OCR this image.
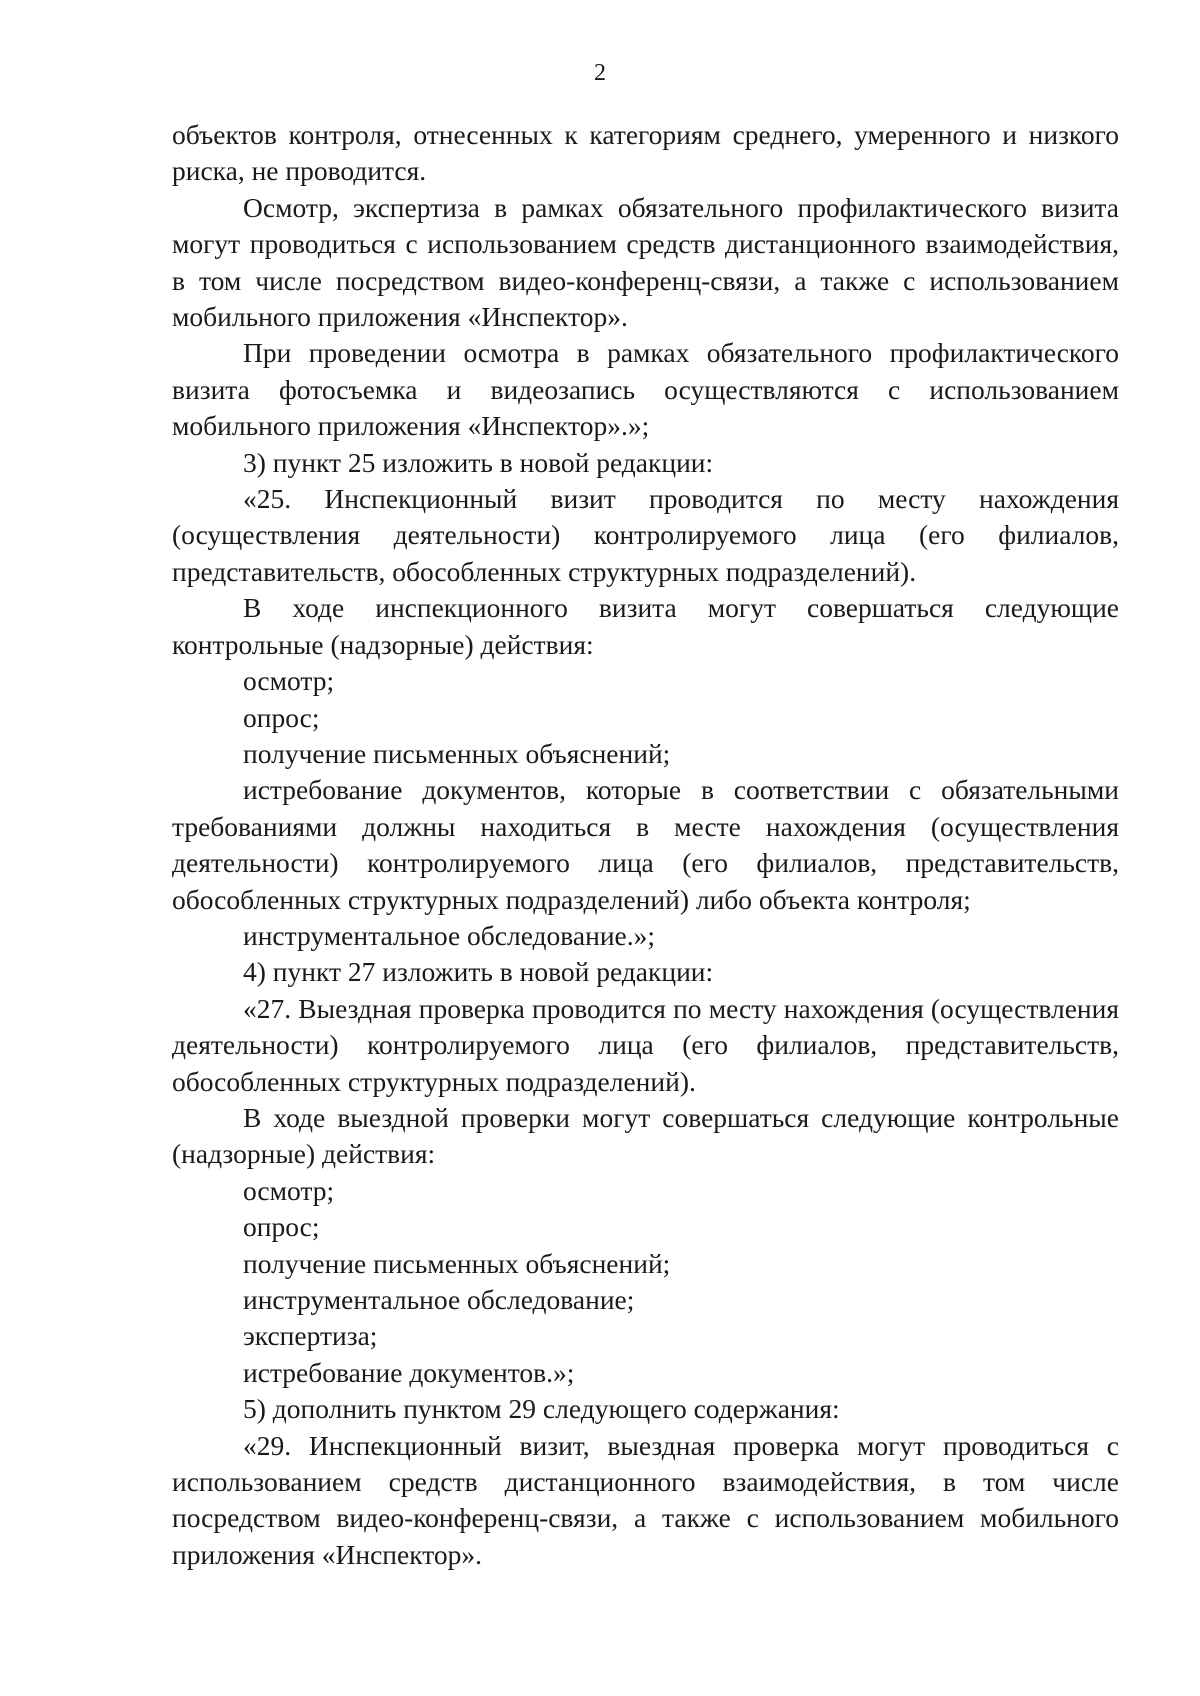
2

объектов контроля, отнесенных к категориям среднего, умеренного и низкого риска, не проводится.

Осмотр, экспертиза в рамках обязательного профилактического визита могут проводиться с использованием средств дистанционного взаимодействия, в том числе посредством видео-конференц-связи, а также с использованием мобильного приложения «Инспектор».

При проведении осмотра в рамках обязательного профилактического визита фотосъемка и видеозапись осуществляются с использованием мобильного приложения «Инспектор».»;

3) пункт 25 изложить в новой редакции:

«25. Инспекционный визит проводится по месту нахождения (осуществления деятельности) контролируемого лица (его филиалов, представительств, обособленных структурных подразделений).

В ходе инспекционного визита могут совершаться следующие контрольные (надзорные) действия:

осмотр;

опрос;

получение письменных объяснений;

истребование документов, которые в соответствии с обязательными требованиями должны находиться в месте нахождения (осуществления деятельности) контролируемого лица (его филиалов, представительств, обособленных структурных подразделений) либо объекта контроля;

инструментальное обследование.»;

4) пункт 27 изложить в новой редакции:

«27. Выездная проверка проводится по месту нахождения (осуществления деятельности) контролируемого лица (его филиалов, представительств, обособленных структурных подразделений).

В ходе выездной проверки могут совершаться следующие контрольные (надзорные) действия:

осмотр;

опрос;

получение письменных объяснений;

инструментальное обследование;

экспертиза;

истребование документов.»;

5) дополнить пунктом 29 следующего содержания:

«29. Инспекционный визит, выездная проверка могут проводиться с использованием средств дистанционного взаимодействия, в том числе посредством видео-конференц-связи, а также с использованием мобильного приложения «Инспектор».
